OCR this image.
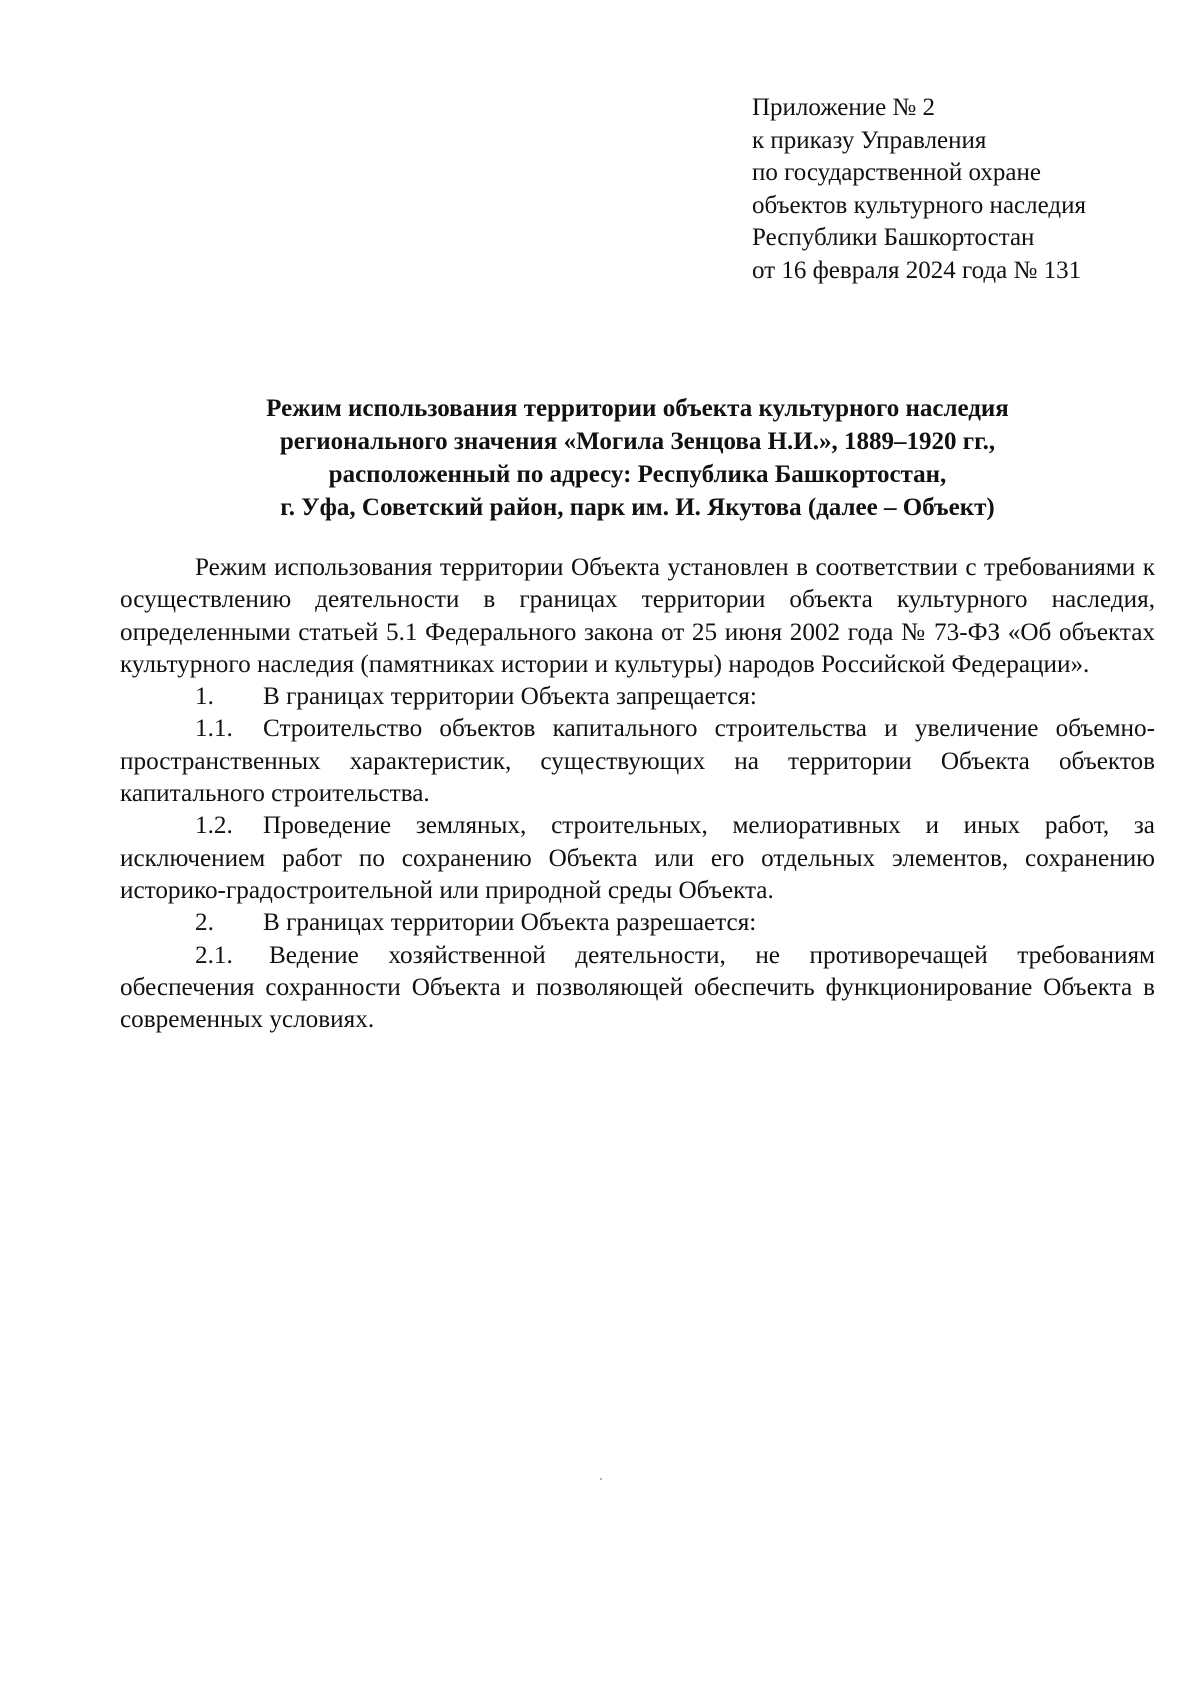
Приложение № 2
к приказу Управления
по государственной охране
объектов культурного наследия
Республики Башкортостан
от 16 февраля 2024 года № 131
Режим использования территории объекта культурного наследия
регионального значения «Могила Зенцова Н.И.», 1889–1920 гг.,
расположенный по адресу: Республика Башкортостан,
г. Уфа, Советский район, парк им. И. Якутова (далее – Объект)

Режим использования территории Объекта установлен в соответствии с требованиями к осуществлению деятельности в границах территории объекта культурного наследия, определенными статьей 5.1 Федерального закона от 25 июня 2002 года № 73-ФЗ «Об объектах культурного наследия (памятниках истории и культуры) народов Российской Федерации».

1. В границах территории Объекта запрещается:

1.1. Строительство объектов капитального строительства и увеличение объемно-пространственных характеристик, существующих на территории Объекта объектов капитального строительства.

1.2. Проведение земляных, строительных, мелиоративных и иных работ, за исключением работ по сохранению Объекта или его отдельных элементов, сохранению историко-градостроительной или природной среды Объекта.

2. В границах территории Объекта разрешается:

2.1. Ведение хозяйственной деятельности, не противоречащей требованиям обеспечения сохранности Объекта и позволяющей обеспечить функционирование Объекта в современных условиях.
